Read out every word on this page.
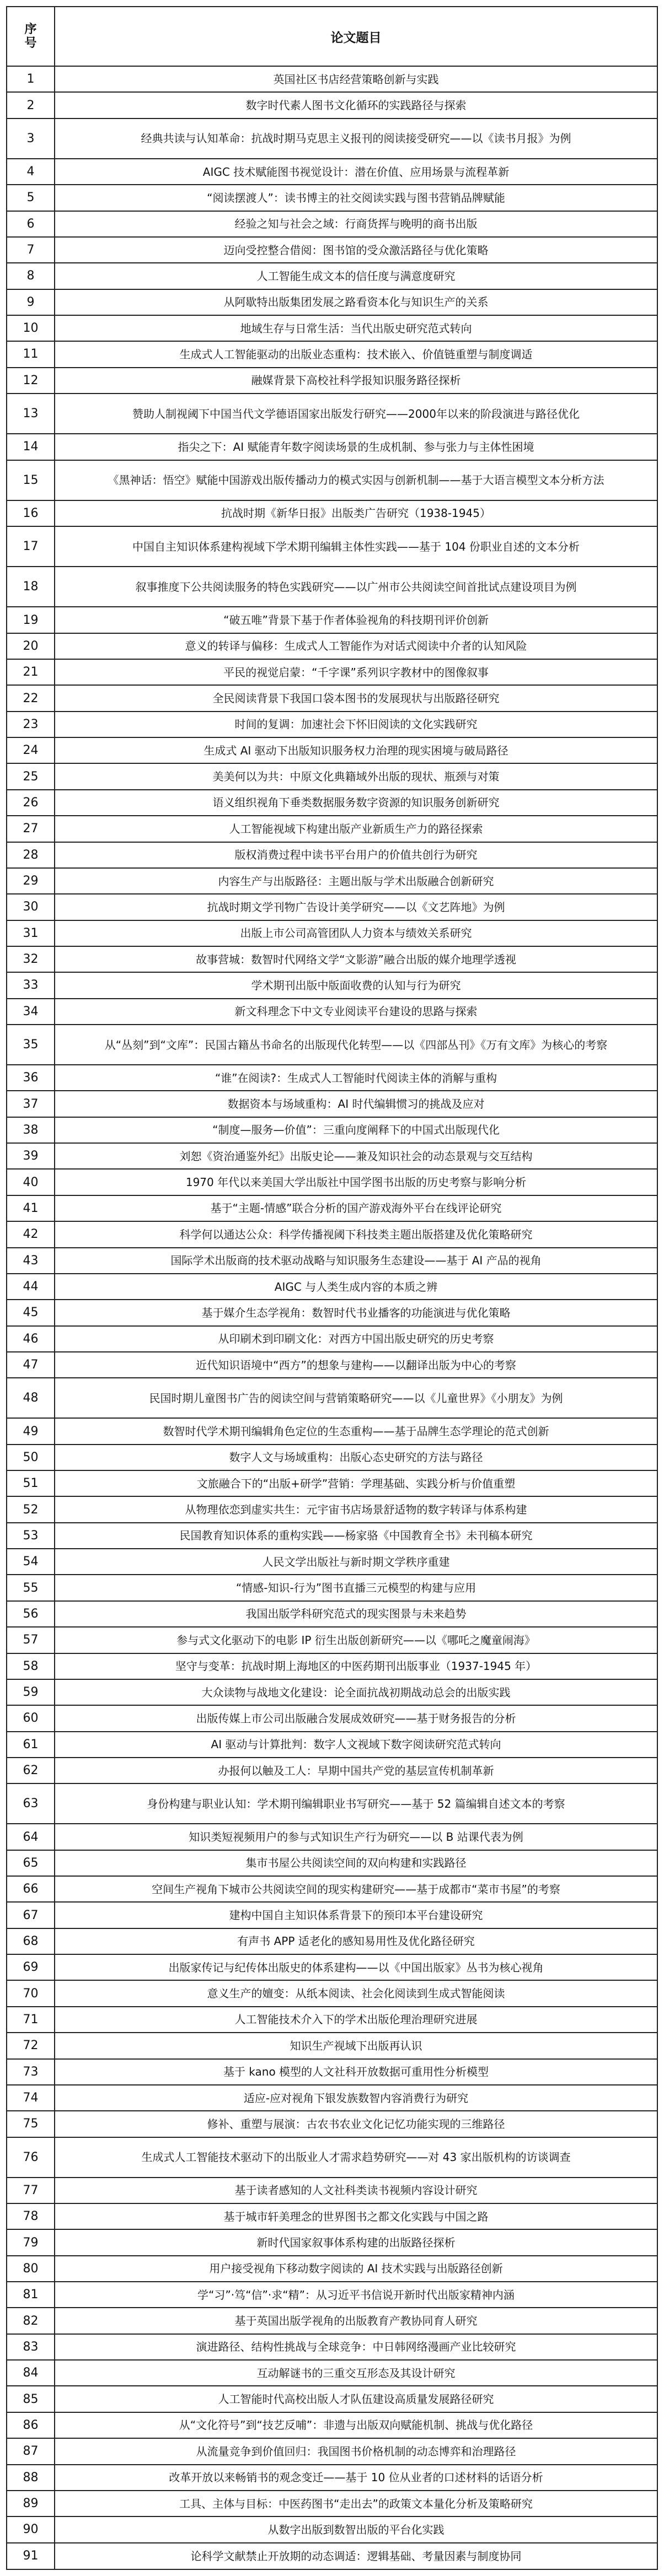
序
号	论文题目
1	英国社区书店经营策略创新与实践
2	数字时代素人图书文化循环的实践路径与探索
3	经典共读与认知革命：抗战时期马克思主义报刊的阅读接受研究——以《读书月报》为例
4	AIGC 技术赋能图书视觉设计：潜在价值、应用场景与流程革新
5	“阅读摆渡人”：读书博主的社交阅读实践与图书营销品牌赋能
6	经验之知与社会之域：行商货挥与晚明的商书出版
7	迈向受控整合借阅：图书馆的受众激活路径与优化策略
8	人工智能生成文本的信任度与满意度研究
9	从阿歇特出版集团发展之路看资本化与知识生产的关系
10	地域生存与日常生活：当代出版史研究范式转向
11	生成式人工智能驱动的出版业态重构：技术嵌入、价值链重塑与制度调适
12	融媒背景下高校社科学报知识服务路径探析
13	赞助人制视阈下中国当代文学德语国家出版发行研究——2000年以来的阶段演进与路径优化
14	指尖之下：AI 赋能青年数字阅读场景的生成机制、参与张力与主体性困境
15	《黑神话：悟空》赋能中国游戏出版传播动力的模式实因与创新机制——基于大语言模型文本分析方法
16	抗战时期《新华日报》出版类广告研究（1938-1945）
17	中国自主知识体系建构视域下学术期刊编辑主体性实践——基于 104 份职业自述的文本分析
18	叙事推度下公共阅读服务的特色实践研究——以广州市公共阅读空间首批试点建设项目为例
19	“破五唯”背景下基于作者体验视角的科技期刊评价创新
20	意义的转译与偏移：生成式人工智能作为对话式阅读中介者的认知风险
21	平民的视觉启蒙：“千字课”系列识字教材中的图像叙事
22	全民阅读背景下我国口袋本图书的发展现状与出版路径研究
23	时间的复调：加速社会下怀旧阅读的文化实践研究
24	生成式 AI 驱动下出版知识服务权力治理的现实困境与破局路径
25	美美何以为共：中原文化典籍域外出版的现状、瓶颈与对策
26	语义组织视角下垂类数据服务数字资源的知识服务创新研究
27	人工智能视域下构建出版产业新质生产力的路径探索
28	版权消费过程中读书平台用户的价值共创行为研究
29	内容生产与出版路径：主题出版与学术出版融合创新研究
30	抗战时期文学刊物广告设计美学研究——以《文艺阵地》为例
31	出版上市公司高管团队人力资本与绩效关系研究
32	故事营城：数智时代网络文学“文影游”融合出版的媒介地理学透视
33	学术期刊出版中版面收费的认知与行为研究
34	新文科理念下中文专业阅读平台建设的思路与探索
35	从“丛刻”到“文库”：民国古籍丛书命名的出版现代化转型——以《四部丛刊》《万有文库》为核心的考察
36	“谁”在阅读?：生成式人工智能时代阅读主体的消解与重构
37	数据资本与场域重构：AI 时代编辑惯习的挑战及应对
38	“制度—服务—价值”：三重向度阐释下的中国式出版现代化
39	刘恕《资治通鉴外纪》出版史论——兼及知识社会的动态景观与交互结构
40	1970 年代以来美国大学出版社中国学图书出版的历史考察与影响分析
41	基于“主题-情感”联合分析的国产游戏海外平台在线评论研究
42	科学何以通达公众：科学传播视阈下科技类主题出版搭建及优化策略研究
43	国际学术出版商的技术驱动战略与知识服务生态建设——基于 AI 产品的视角
44	AIGC 与人类生成内容的本质之辨
45	基于媒介生态学视角：数智时代书业播客的功能演进与优化策略
46	从印刷术到印刷文化：对西方中国出版史研究的历史考察
47	近代知识语境中“西方”的想象与建构——以翻译出版为中心的考察
48	民国时期儿童图书广告的阅读空间与营销策略研究——以《儿童世界》《小朋友》为例
49	数智时代学术期刊编辑角色定位的生态重构——基于品牌生态学理论的范式创新
50	数字人文与场域重构：出版心态史研究的方法与路径
51	文旅融合下的“出版+研学”营销：学理基础、实践分析与价值重塑
52	从物理依恋到虚实共生：元宇宙书店场景舒适物的数字转译与体系构建
53	民国教育知识体系的重构实践——杨家骆《中国教育全书》未刊稿本研究
54	人民文学出版社与新时期文学秩序重建
55	“情感-知识-行为”图书直播三元模型的构建与应用
56	我国出版学科研究范式的现实图景与未来趋势
57	参与式文化驱动下的电影 IP 衍生出版创新研究——以《哪吒之魔童闹海》
58	坚守与变革：抗战时期上海地区的中医药期刊出版事业（1937-1945 年）
59	大众读物与战地文化建设：论全面抗战初期战动总会的出版实践
60	出版传媒上市公司出版融合发展成效研究——基于财务报告的分析
61	AI 驱动与计算批判：数字人文视域下数字阅读研究范式转向
62	办报何以触及工人：早期中国共产党的基层宣传机制革新
63	身份构建与职业认知：学术期刊编辑职业书写研究——基于 52 篇编辑自述文本的考察
64	知识类短视频用户的参与式知识生产行为研究——以 B 站课代表为例
65	集市书屋公共阅读空间的双向构建和实践路径
66	空间生产视角下城市公共阅读空间的现实构建研究——基于成都市“菜市书屋”的考察
67	建构中国自主知识体系背景下的预印本平台建设研究
68	有声书 APP 适老化的感知易用性及优化路径研究
69	出版家传记与纪传体出版史的体系建构——以《中国出版家》丛书为核心视角
70	意义生产的嬗变：从纸本阅读、社会化阅读到生成式智能阅读
71	人工智能技术介入下的学术出版伦理治理研究进展
72	知识生产视域下出版再认识
73	基于 kano 模型的人文社科开放数据可重用性分析模型
74	适应-应对视角下银发族数智内容消费行为研究
75	修补、重塑与展演：古农书农业文化记忆功能实现的三维路径
76	生成式人工智能技术驱动下的出版业人才需求趋势研究——对 43 家出版机构的访谈调查
77	基于读者感知的人文社科类读书视频内容设计研究
78	基于城市轩美理念的世界图书之都文化实践与中国之路
79	新时代国家叙事体系构建的出版路径探析
80	用户接受视角下移动数字阅读的 AI 技术实践与出版路径创新
81	学“习”·笃“信”·求“精”：从习近平书信说开新时代出版家精神内涵
82	基于英国出版学视角的出版教育产教协同育人研究
83	演进路径、结构性挑战与全球竞争：中日韩网络漫画产业比较研究
84	互动解谜书的三重交互形态及其设计研究
85	人工智能时代高校出版人才队伍建设高质量发展路径研究
86	从“文化符号”到“技艺反哺”：非遗与出版双向赋能机制、挑战与优化路径
87	从流量竞争到价值回归：我国图书价格机制的动态博弈和治理路径
88	改革开放以来畅销书的观念变迁——基于 10 位从业者的口述材料的话语分析
89	工具、主体与目标：中医药图书“走出去”的政策文本量化分析及策略研究
90	从数字出版到数智出版的平台化实践
91	论科学文献禁止开放期的动态调适：逻辑基础、考量因素与制度协同
